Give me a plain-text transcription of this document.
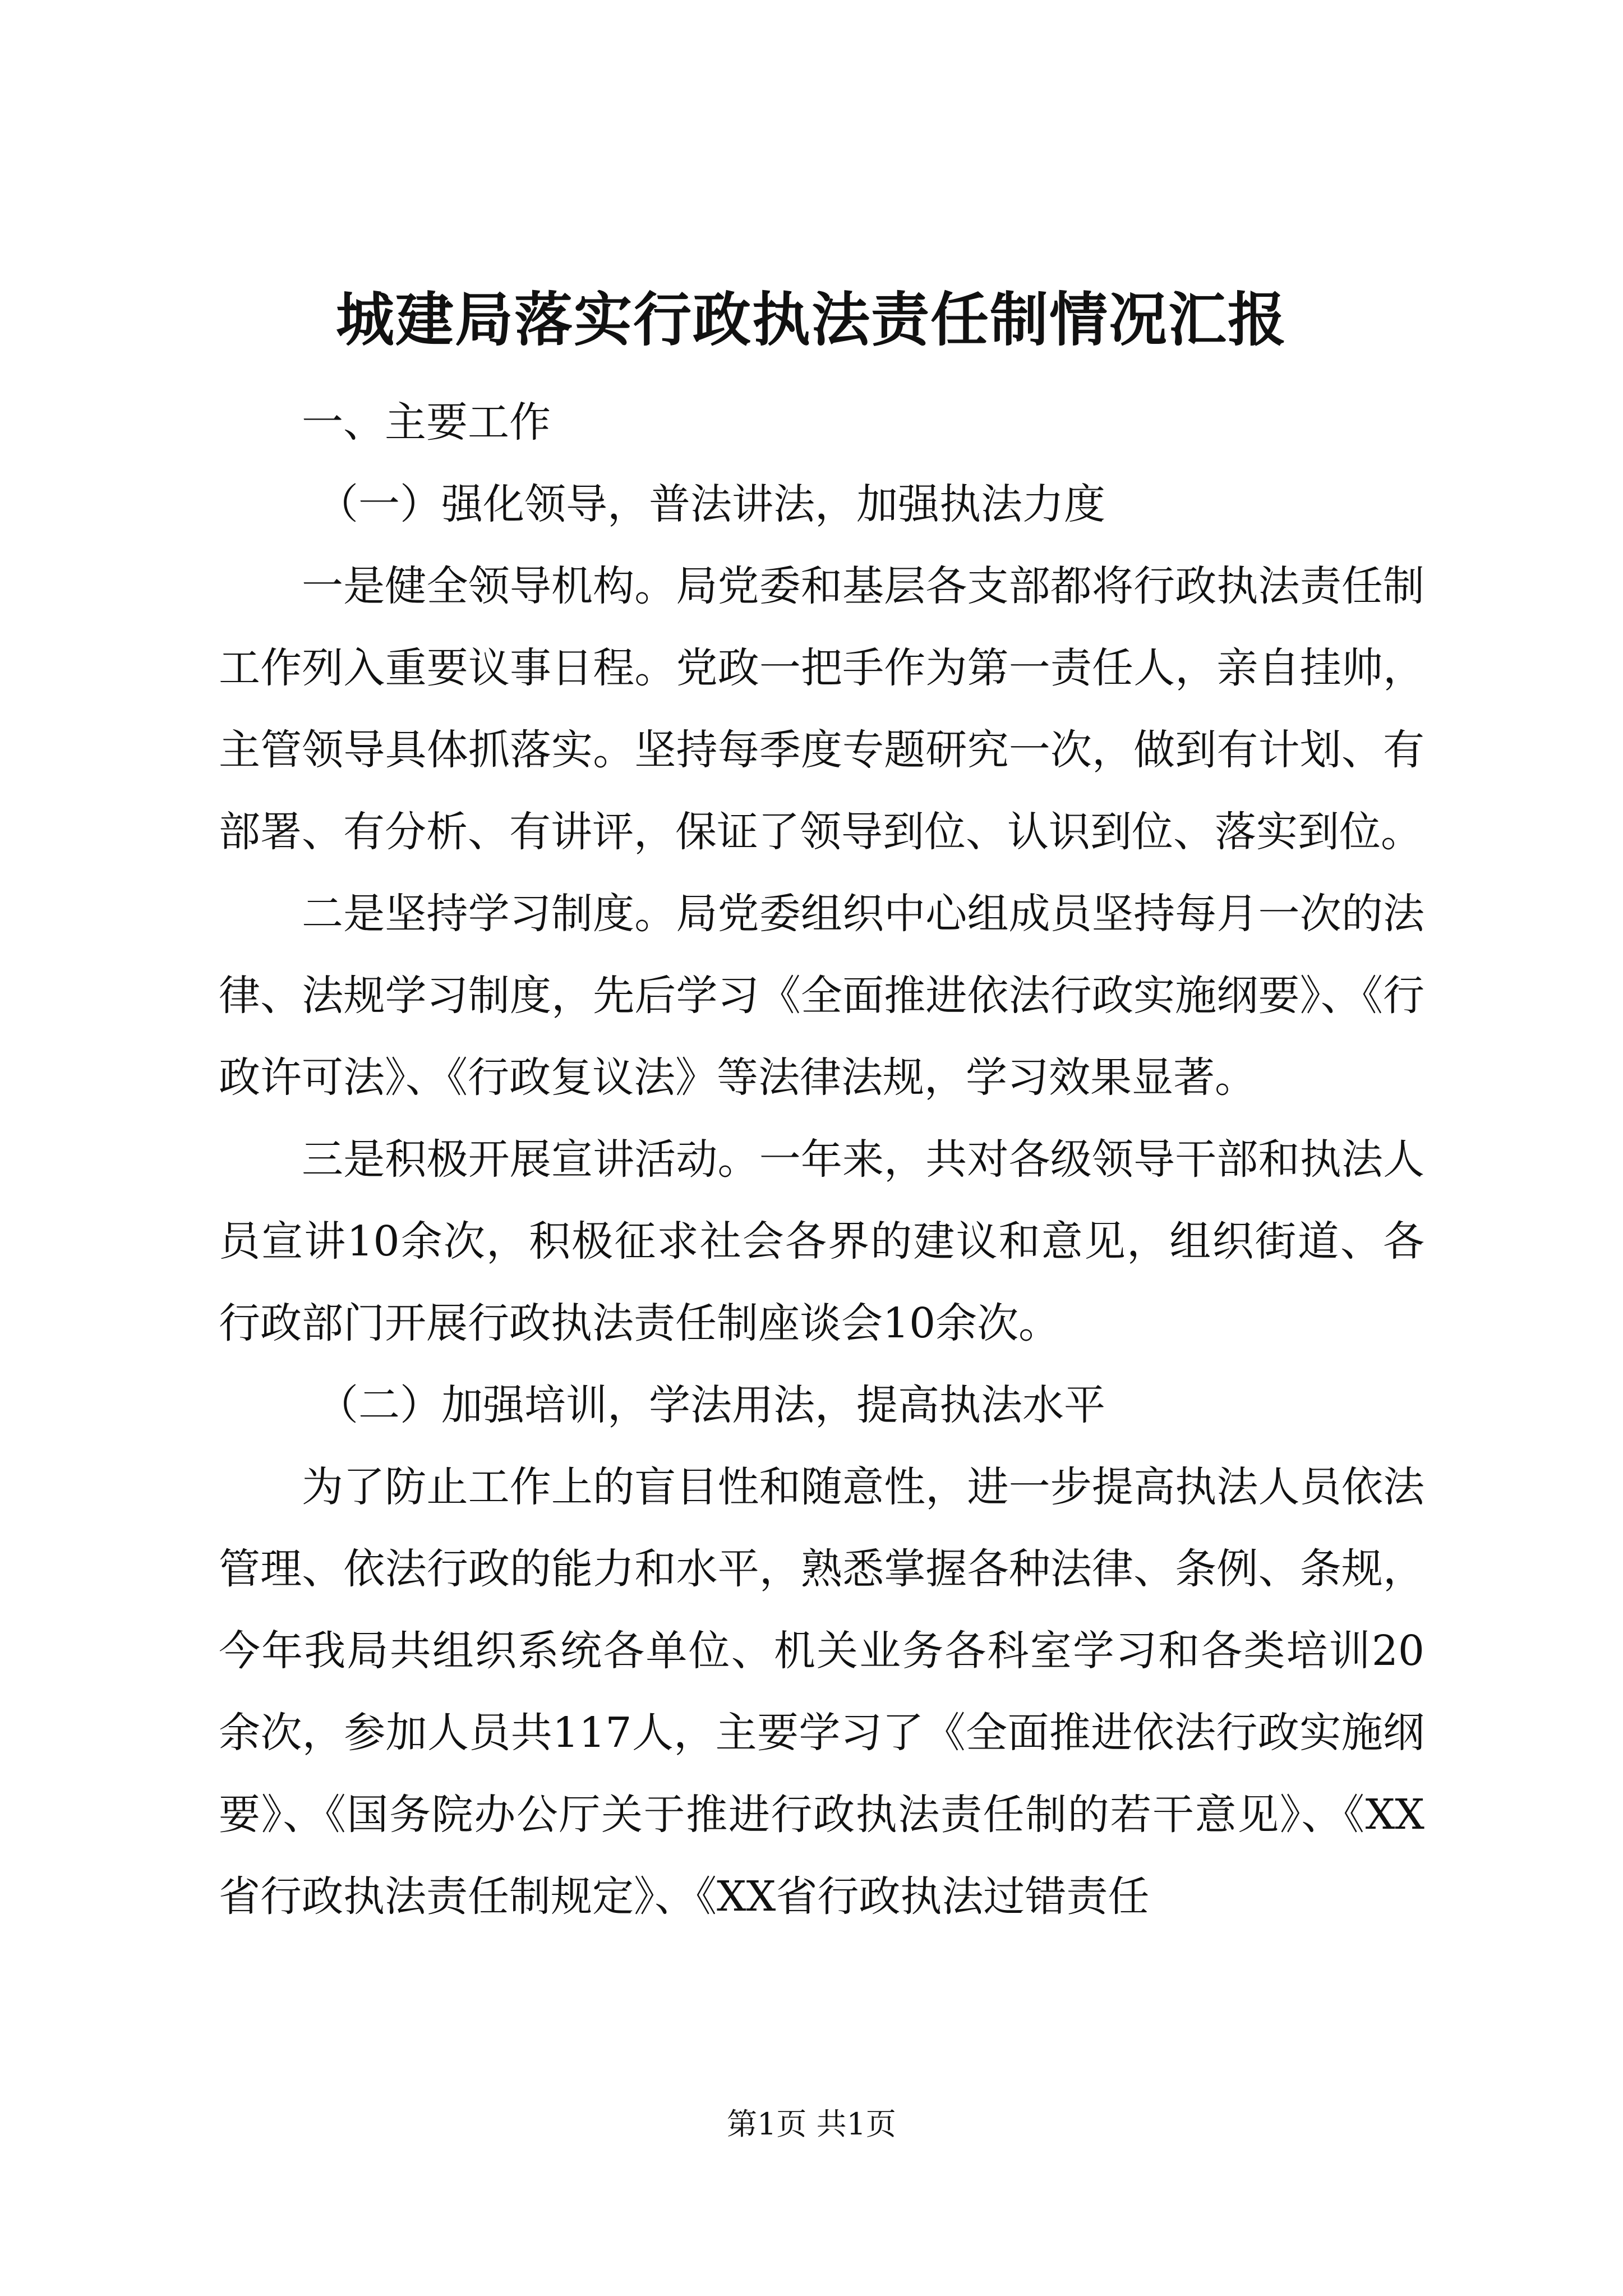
城建局落实行政执法责任制情况汇报

一、主要工作

（一）强化领导，普法讲法，加强执法力度

一是健全领导机构。局党委和基层各支部都将行政执法责任制工作列入重要议事日程。党政一把手作为第一责任人，亲自挂帅，主管领导具体抓落实。坚持每季度专题研究一次，做到有计划、有部署、有分析、有讲评，保证了领导到位、认识到位、落实到位。

二是坚持学习制度。局党委组织中心组成员坚持每月一次的法律、法规学习制度，先后学习《全面推进依法行政实施纲要》、《行政许可法》、《行政复议法》等法律法规，学习效果显著。

三是积极开展宣讲活动。一年来，共对各级领导干部和执法人员宣讲10余次，积极征求社会各界的建议和意见，组织街道、各行政部门开展行政执法责任制座谈会10余次。

（二）加强培训，学法用法，提高执法水平

为了防止工作上的盲目性和随意性，进一步提高执法人员依法管理、依法行政的能力和水平，熟悉掌握各种法律、条例、条规，今年我局共组织系统各单位、机关业务各科室学习和各类培训20余次，参加人员共117人，主要学习了《全面推进依法行政实施纲要》、《国务院办公厅关于推进行政执法责任制的若干意见》、《XX省行政执法责任制规定》、《XX省行政执法过错责任

第1页 共1页
